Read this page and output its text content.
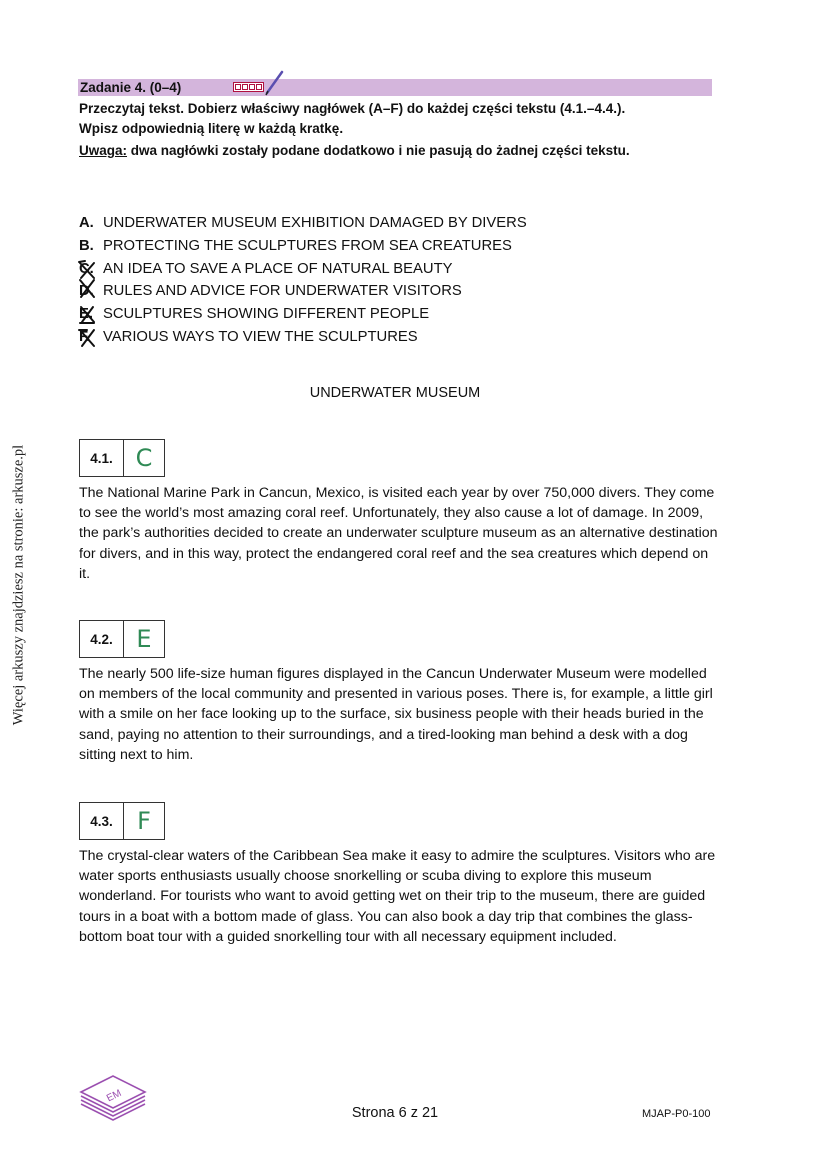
Więcej arkuszy znajdziesz na stronie: arkusze.pl
Zadanie 4. (0–4)

Przeczytaj tekst. Dobierz właściwy nagłówek (A–F) do każdej części tekstu (4.1.–4.4.).

Wpisz odpowiednią literę w każdą kratkę.

Uwaga: dwa nagłówki zostały podane dodatkowo i nie pasują do żadnej części tekstu.

A. UNDERWATER MUSEUM EXHIBITION DAMAGED BY DIVERS
B. PROTECTING THE SCULPTURES FROM SEA CREATURES
C. AN IDEA TO SAVE A PLACE OF NATURAL BEAUTY
D. RULES AND ADVICE FOR UNDERWATER VISITORS
E. SCULPTURES SHOWING DIFFERENT PEOPLE
F. VARIOUS WAYS TO VIEW THE SCULPTURES
UNDERWATER MUSEUM
4.1. C

The National Marine Park in Cancun, Mexico, is visited each year by over 750,000 divers. They come to see the world’s most amazing coral reef. Unfortunately, they also cause a lot of damage. In 2009, the park’s authorities decided to create an underwater sculpture museum as an alternative destination for divers, and in this way, protect the endangered coral reef and the sea creatures which depend on it.

4.2. E

The nearly 500 life-size human figures displayed in the Cancun Underwater Museum were modelled on members of the local community and presented in various poses. There is, for example, a little girl with a smile on her face looking up to the surface, six business people with their heads buried in the sand, paying no attention to their surroundings, and a tired-looking man behind a desk with a dog sitting next to him.

4.3.	F

The crystal-clear waters of the Caribbean Sea make it easy to admire the sculptures. Visitors who are water sports enthusiasts usually choose snorkelling or scuba diving to explore this museum wonderland. For tourists who want to avoid getting wet on their trip to the museum, there are guided tours in a boat with a bottom made of glass. You can also book a day trip that combines the glass-bottom boat tour with a guided snorkelling tour with all necessary equipment included.

EM
Strona 6 z 21	MJAP-P0-100
